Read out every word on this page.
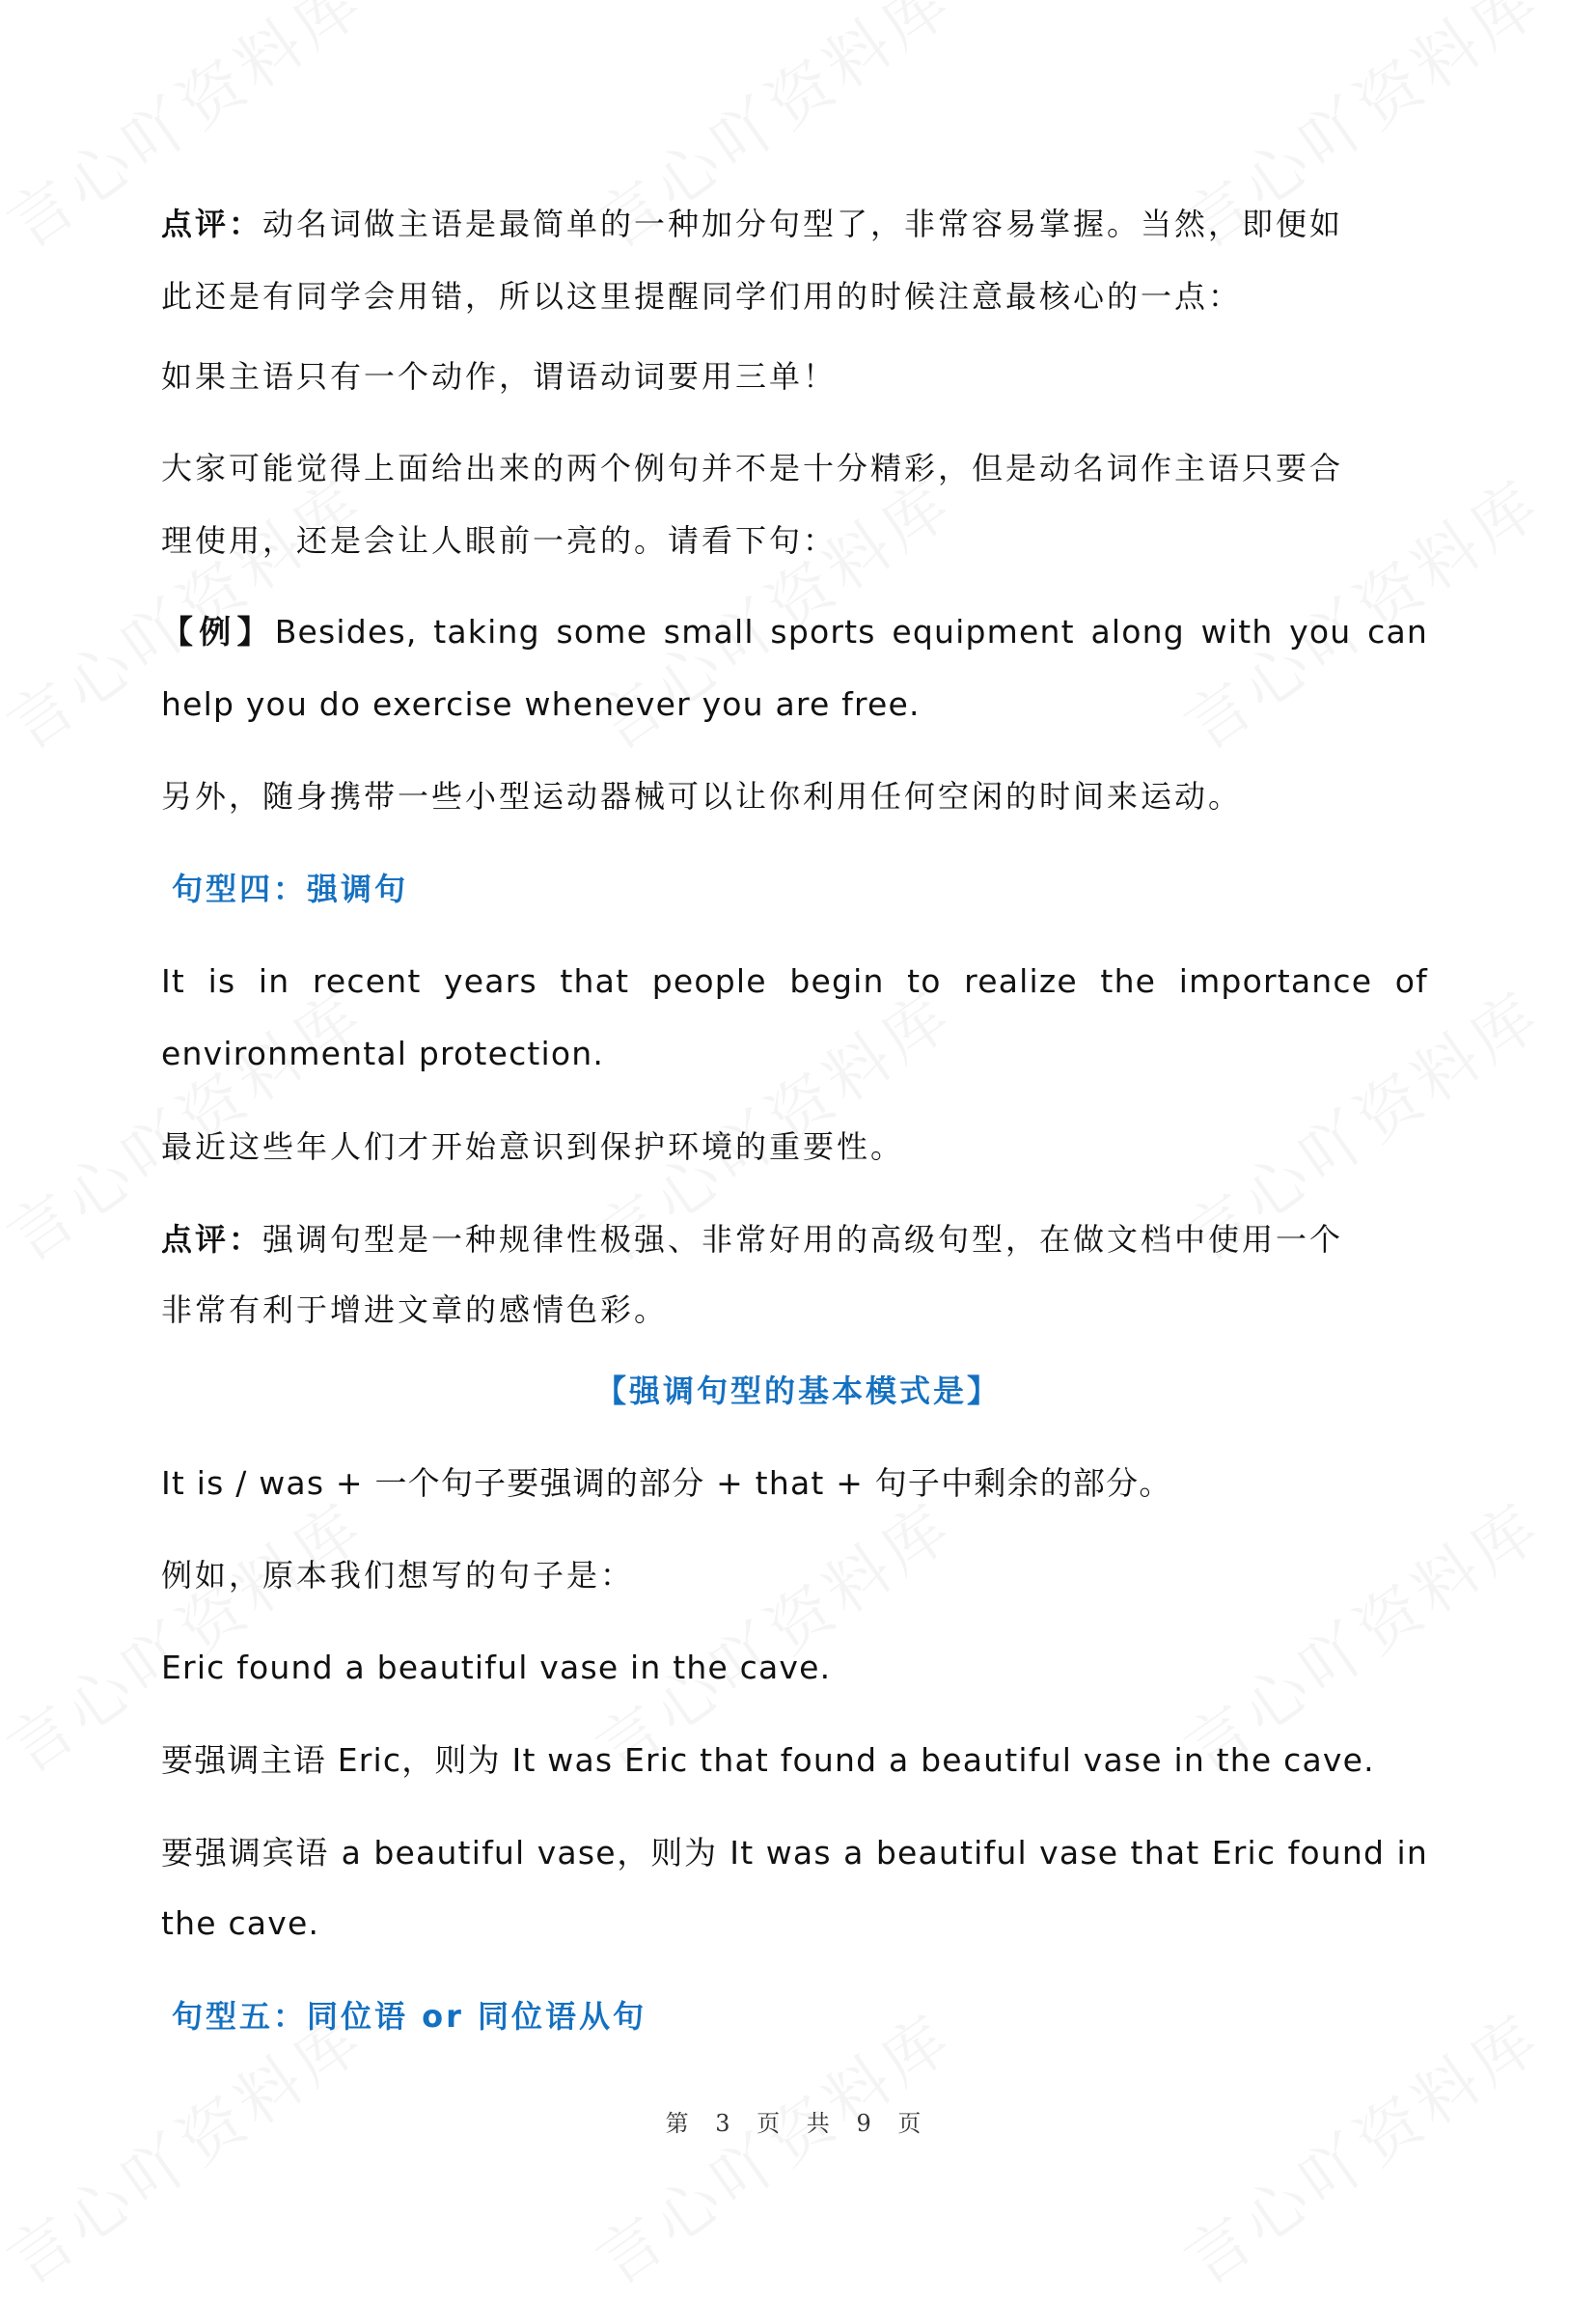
点评：动名词做主语是最简单的一种加分句型了，非常容易掌握。当然，即便如
此还是有同学会用错，所以这里提醒同学们用的时候注意最核心的一点：
如果主语只有一个动作，谓语动词要用三单！
大家可能觉得上面给出来的两个例句并不是十分精彩，但是动名词作主语只要合
理使用，还是会让人眼前一亮的。请看下句：
【例】Besides, taking some small sports equipment along with you can
help you do exercise whenever you are free.
另外，随身携带一些小型运动器械可以让你利用任何空闲的时间来运动。
句型四：强调句
It is in recent years that people begin to realize the importance of
environmental protection.
最近这些年人们才开始意识到保护环境的重要性。
点评：强调句型是一种规律性极强、非常好用的高级句型，在做文档中使用一个
非常有利于增进文章的感情色彩。
【强调句型的基本模式是】
It is / was + 一个句子要强调的部分 + that + 句子中剩余的部分。
例如，原本我们想写的句子是：
Eric found a beautiful vase in the cave.
要强调主语 Eric，则为 It was Eric that found a beautiful vase in the cave.
要强调宾语 a beautiful vase，则为 It was a beautiful vase that Eric found in
the cave.
句型五：同位语 or 同位语从句
第 3 页 共 9 页
